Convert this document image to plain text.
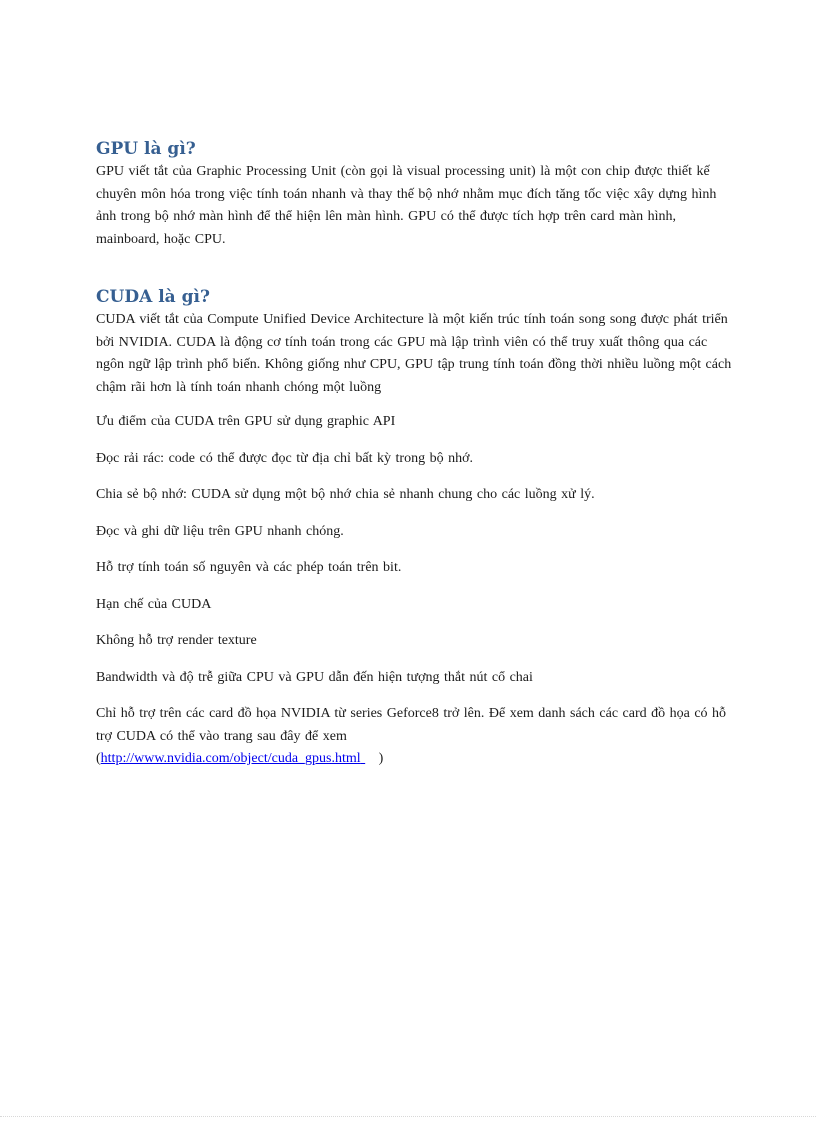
GPU là gì?

GPU viết tắt của Graphic Processing Unit (còn gọi là visual processing unit) là một con chip được thiết kế chuyên môn hóa trong việc tính toán nhanh và thay thế bộ nhớ nhằm mục đích tăng tốc việc xây dựng hình ảnh trong bộ nhớ màn hình để thể hiện lên màn hình. GPU có thể được tích hợp trên card màn hình, mainboard, hoặc CPU.

CUDA là gì?

CUDA viết tắt của Compute Unified Device Architecture là một kiến trúc tính toán song song được phát triển bởi NVIDIA. CUDA là động cơ tính toán trong các GPU mà lập trình viên có thể truy xuất thông qua các ngôn ngữ lập trình phổ biến. Không giống như CPU, GPU tập trung tính toán đồng thời nhiều luồng một cách chậm rãi hơn là tính toán nhanh chóng một luồng

Ưu điểm của CUDA trên GPU sử dụng graphic API

Đọc rải rác: code có thể được đọc từ địa chỉ bất kỳ trong bộ nhớ.

Chia sẻ bộ nhớ: CUDA sử dụng một bộ nhớ chia sẻ nhanh chung cho các luồng xử lý.

Đọc và ghi dữ liệu trên GPU nhanh chóng.

Hỗ trợ tính toán số nguyên và các phép toán trên bit.

Hạn chế của CUDA

Không hỗ trợ render texture

Bandwidth và độ trễ giữa CPU và GPU dẫn đến hiện tượng thắt nút cổ chai

Chỉ hỗ trợ trên các card đồ họa NVIDIA từ series Geforce8 trở lên. Để xem danh sách các card đồ họa có hỗ trợ CUDA có thể vào trang sau đây để xem
(http://www.nvidia.com/object/cuda_gpus.html )
